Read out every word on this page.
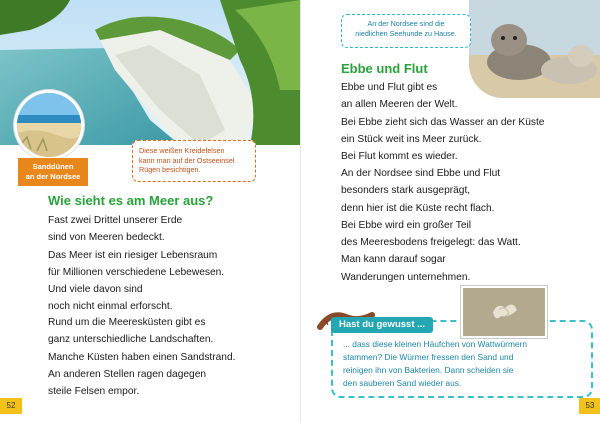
Sanddünen
an der Nordsee
Diese weißen Kreidefelsen
kann man auf der Ostseeinsel
Rügen besichtigen.
Wie sieht es am Meer aus?
Fast zwei Drittel unserer Erde
sind von Meeren bedeckt.
Das Meer ist ein riesiger Lebensraum
für Millionen verschiedene Lebewesen.
Und viele davon sind
noch nicht einmal erforscht.
Rund um die Meeresküsten gibt es
ganz unterschiedliche Landschaften.
Manche Küsten haben einen Sandstrand.
An anderen Stellen ragen dagegen
steile Felsen empor.
52
An der Nordsee sind die
niedlichen Seehunde zu Hause.
Ebbe und Flut
Ebbe und Flut gibt es
an allen Meeren der Welt.
Bei Ebbe zieht sich das Wasser an der Küste
ein Stück weit ins Meer zurück.
Bei Flut kommt es wieder.
An der Nordsee sind Ebbe und Flut
besonders stark ausgeprägt,
denn hier ist die Küste recht flach.
Bei Ebbe wird ein großer Teil
des Meeresbodens freigelegt: das Watt.
Man kann darauf sogar
Wanderungen unternehmen.
Hast du gewusst ...
... dass diese kleinen Häufchen von Wattwürmern
stammen? Die Würmer fressen den Sand und
reinigen ihn von Bakterien. Dann scheiden sie
den sauberen Sand wieder aus.
53
